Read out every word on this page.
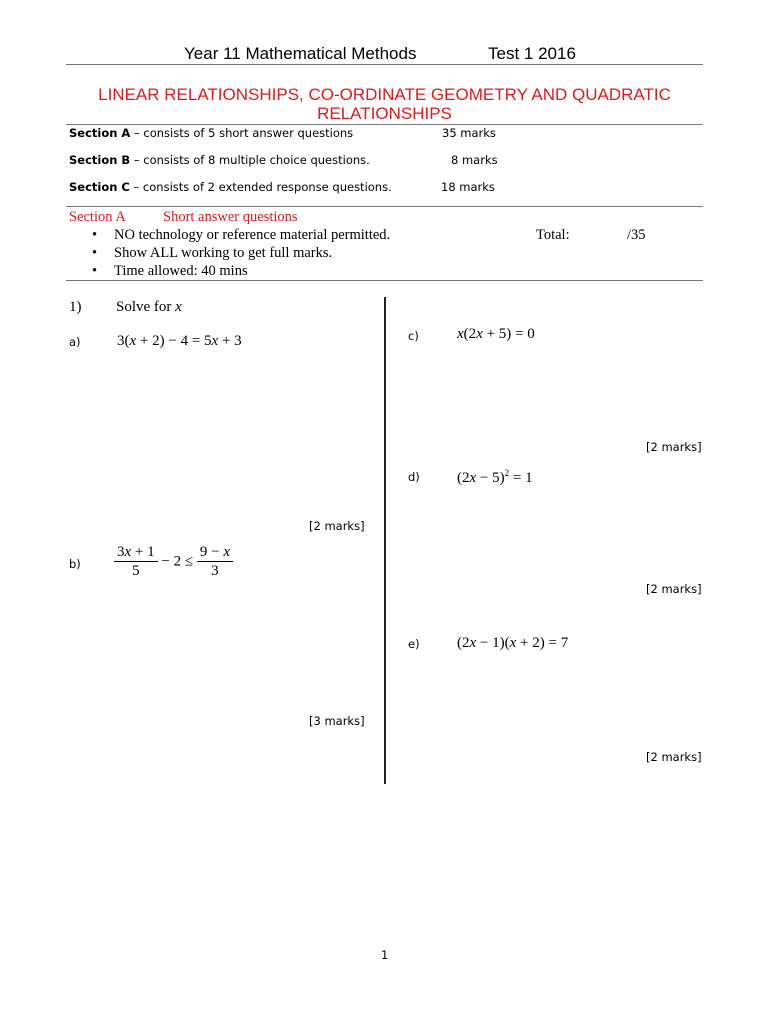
Year 11 Mathematical Methods	Test 1 2016
LINEAR RELATIONSHIPS, CO-ORDINATE GEOMETRY AND QUADRATIC
RELATIONSHIPS
Section A – consists of 5 short answer questions	35 marks
Section B – consists of 8 multiple choice questions.	8 marks
Section C – consists of 2 extended response questions.	18 marks
Section A	Short answer questions
• NO technology or reference material permitted.
• Show ALL working to get full marks.
• Time allowed: 40 mins
Total:	/35
1) Solve for x
a) 3(x + 2) − 4 = 5x + 3
[2 marks]
$b) \frac{3x + 1}{5} - 2 \le \frac{9 - x}{3}$
[3 marks]
c)	x(2x + 5) = 0
[2 marks]
d) $(2x - 5)^2 = 1$
[2 marks]
e) (2x − 1)(x + 2) = 7
[2 marks]
1
